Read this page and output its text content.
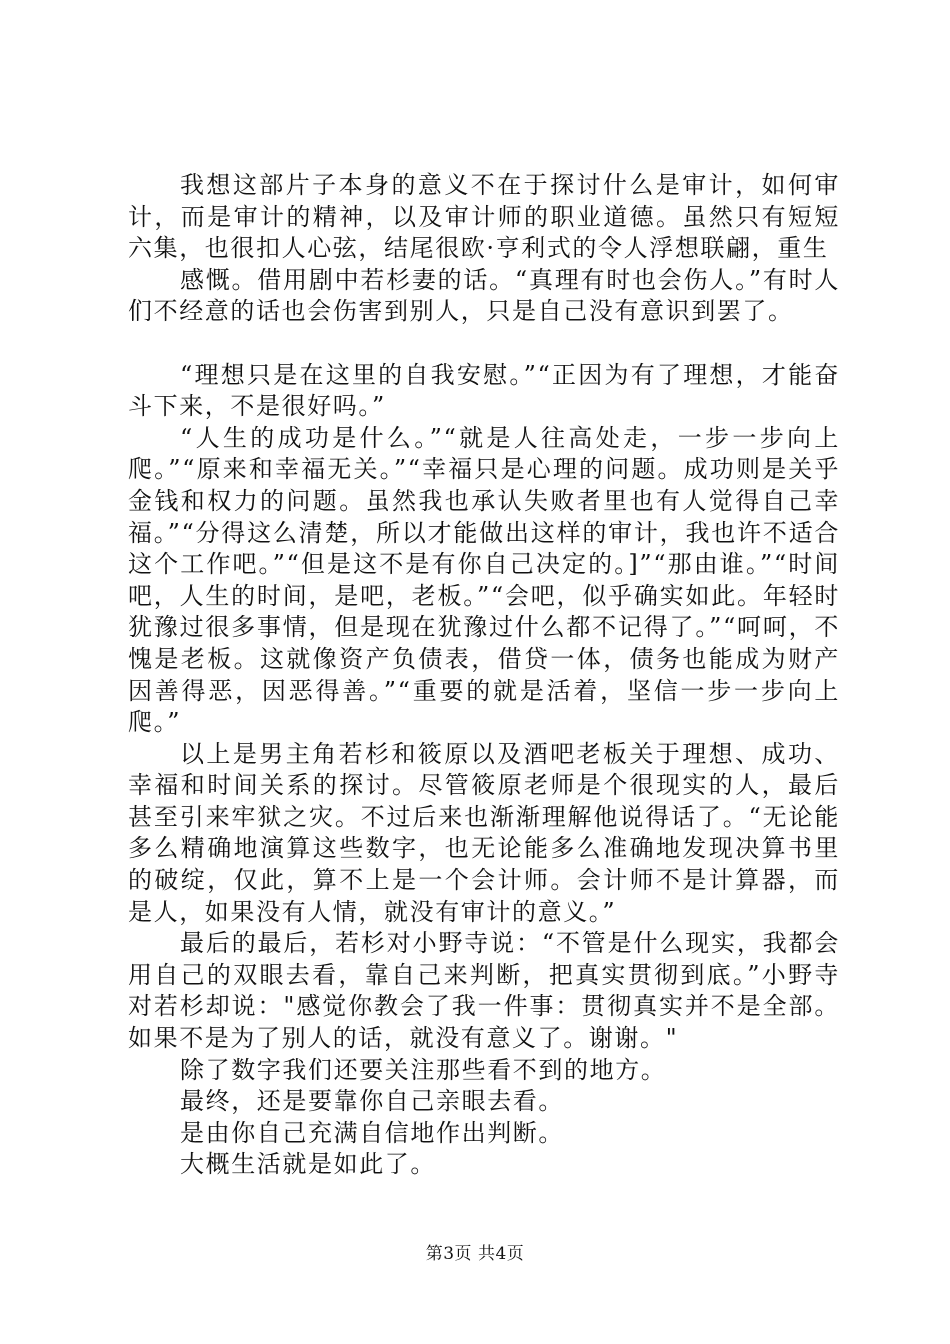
我想这部片子本身的意义不在于探讨什么是审计，如何审计，而是审计的精神，以及审计师的职业道德。虽然只有短短六集，也很扣人心弦，结尾很欧·亨利式的令人浮想联翩，重生

感慨。借用剧中若杉妻的话。“真理有时也会伤人。”有时人们不经意的话也会伤害到别人，只是自己没有意识到罢了。

“理想只是在这里的自我安慰。”“正因为有了理想，才能奋斗下来，不是很好吗。”

“人生的成功是什么。”“就是人往高处走，一步一步向上爬。”“原来和幸福无关。”“幸福只是心理的问题。成功则是关乎金钱和权力的问题。虽然我也承认失败者里也有人觉得自己幸福。”“分得这么清楚，所以才能做出这样的审计，我也许不适合这个工作吧。”“但是这不是有你自己决定的。]”“那由谁。”“时间吧，人生的时间，是吧，老板。”“会吧，似乎确实如此。年轻时犹豫过很多事情，但是现在犹豫过什么都不记得了。”“呵呵，不愧是老板。这就像资产负债表，借贷一体，债务也能成为财产因善得恶，因恶得善。”“重要的就是活着，坚信一步一步向上爬。”

以上是男主角若杉和筱原以及酒吧老板关于理想、成功、幸福和时间关系的探讨。尽管筱原老师是个很现实的人，最后甚至引来牢狱之灾。不过后来也渐渐理解他说得话了。“无论能多么精确地演算这些数字，也无论能多么准确地发现决算书里的破绽，仅此，算不上是一个会计师。会计师不是计算器，而是人，如果没有人情，就没有审计的意义。”

最后的最后，若杉对小野寺说：“不管是什么现实，我都会用自己的双眼去看，靠自己来判断，把真实贯彻到底。”小野寺对若杉却说："感觉你教会了我一件事：贯彻真实并不是全部。如果不是为了别人的话，就没有意义了。谢谢。"

除了数字我们还要关注那些看不到的地方。

最终，还是要靠你自己亲眼去看。

是由你自己充满自信地作出判断。

大概生活就是如此了。

第3页 共4页
